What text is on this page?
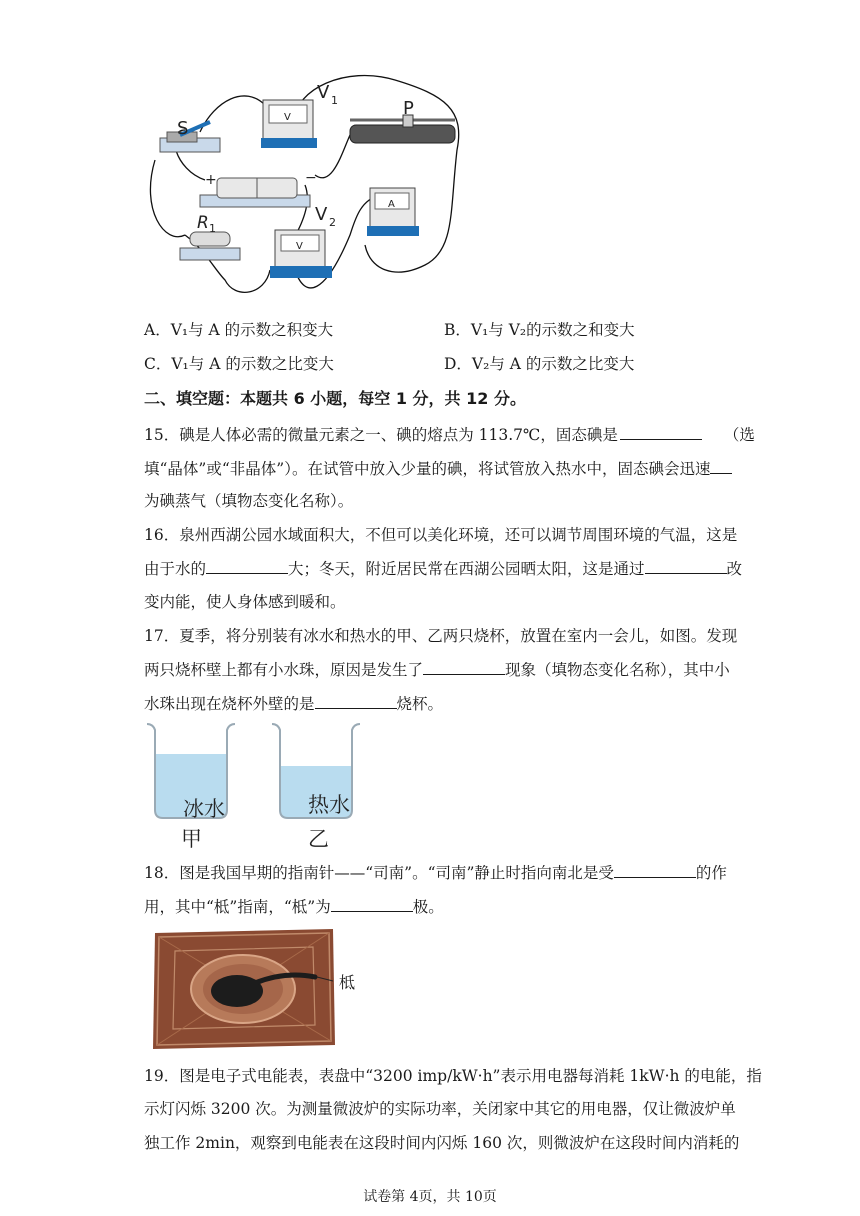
S
+	−
R 1
V
V 1	P
A
V
V 2
A．V₁与 A 的示数之积变大	B．V₁与 V₂的示数之和变大
C．V₁与 A 的示数之比变大	D．V₂与 A 的示数之比变大
二、填空题：本题共 6 小题，每空 1 分，共 12 分。
15．碘是人体必需的微量元素之一、碘的熔点为 113.7℃，固态碘是	（选
填“晶体”或“非晶体”）。在试管中放入少量的碘，将试管放入热水中，固态碘会迅速
为碘蒸气（填物态变化名称）。
16．泉州西湖公园水域面积大，不但可以美化环境，还可以调节周围环境的气温，这是
由于水的	大；冬天，附近居民常在西湖公园晒太阳，这是通过	改
变内能，使人身体感到暖和。
17．夏季，将分别装有冰水和热水的甲、乙两只烧杯，放置在室内一会儿，如图。发现
两只烧杯壁上都有小水珠，原因是发生了	现象（填物态变化名称），其中小
水珠出现在烧杯外壁的是	烧杯。
冰水
甲
热水
乙
18．图是我国早期的指南针——“司南”。“司南”静止时指向南北是受	的作
用，其中“柢”指南，“柢”为	极。
柢
19．图是电子式电能表，表盘中“3200 imp/kW·h”表示用电器每消耗 1kW·h 的电能，指
示灯闪烁 3200 次。为测量微波炉的实际功率，关闭家中其它的用电器，仅让微波炉单
独工作 2min，观察到电能表在这段时间内闪烁 160 次，则微波炉在这段时间内消耗的
试卷第 4页，共 10页
